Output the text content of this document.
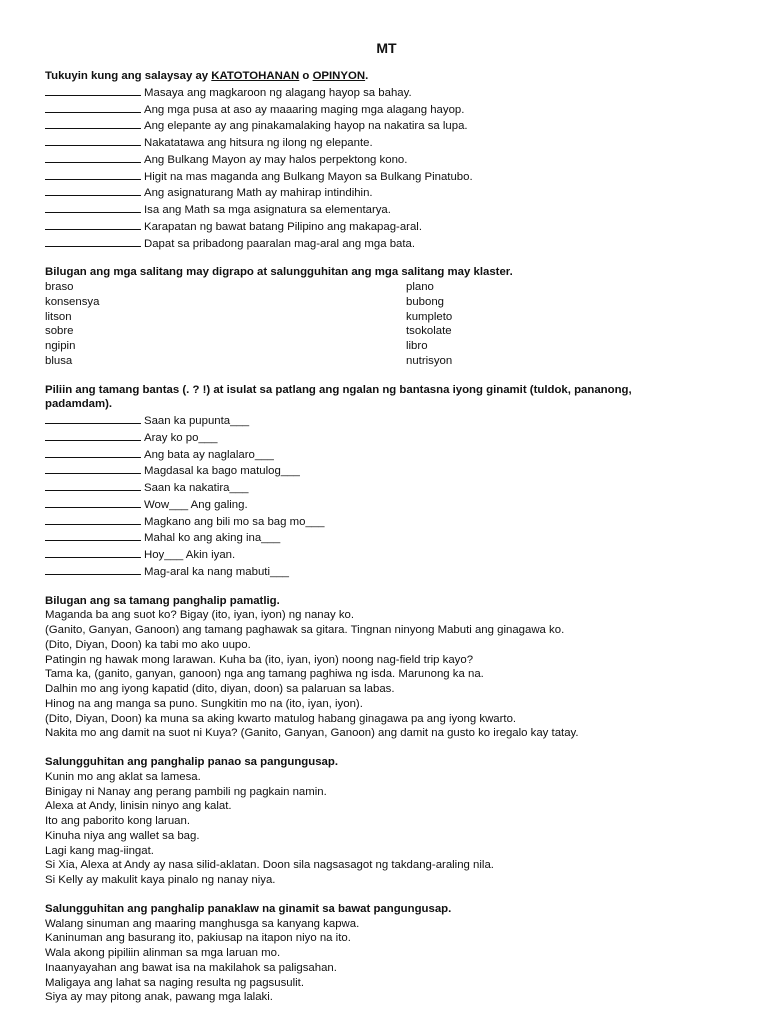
MT
Tukuyin kung ang salaysay ay KATOTOHANAN o OPINYON.
Masaya ang magkaroon ng alagang hayop sa bahay.
Ang mga pusa at aso ay maaaring maging mga alagang hayop.
Ang elepante ay ang pinakamalaking hayop na nakatira sa lupa.
Nakatatawa ang hitsura ng ilong ng elepante.
Ang Bulkang Mayon ay may halos perpektong kono.
Higit na mas maganda ang Bulkang Mayon sa Bulkang Pinatubo.
Ang asignaturang Math ay mahirap intindihin.
Isa ang Math sa mga asignatura sa elementarya.
Karapatan ng bawat batang Pilipino ang makapag-aral.
Dapat sa pribadong paaralan mag-aral ang mga bata.
Bilugan ang mga salitang may digrapo at salungguhitan ang mga salitang may klaster.
braso
konsensya
litson
sobre
ngipin
blusa
plano
bubong
kumpleto
tsokolate
libro
nutrisyon
Piliin ang tamang bantas (. ? !) at isulat sa patlang ang ngalan ng bantasna iyong ginamit (tuldok, pananong,
padamdam).
Saan ka pupunta___
Aray ko po___
Ang bata ay naglalaro___
Magdasal ka bago matulog___
Saan ka nakatira___
Wow___ Ang galing.
Magkano ang bili mo sa bag mo___
Mahal ko ang aking ina___
Hoy___ Akin iyan.
Mag-aral ka nang mabuti___
Bilugan ang sa tamang panghalip pamatlig.
Maganda ba ang suot ko? Bigay (ito, iyan, iyon) ng nanay ko.
(Ganito, Ganyan, Ganoon) ang tamang paghawak sa gitara. Tingnan ninyong Mabuti ang ginagawa ko.
(Dito, Diyan, Doon) ka tabi mo ako uupo.
Patingin ng hawak mong larawan. Kuha ba (ito, iyan, iyon) noong nag-field trip kayo?
Tama ka, (ganito, ganyan, ganoon) nga ang tamang paghiwa ng isda. Marunong ka na.
Dalhin mo ang iyong kapatid (dito, diyan, doon) sa palaruan sa labas.
Hinog na ang manga sa puno. Sungkitin mo na (ito, iyan, iyon).
(Dito, Diyan, Doon) ka muna sa aking kwarto matulog habang ginagawa pa ang iyong kwarto.
Nakita mo ang damit na suot ni Kuya? (Ganito, Ganyan, Ganoon) ang damit na gusto ko iregalo kay tatay.
Salungguhitan ang panghalip panao sa pangungusap.
Kunin mo ang aklat sa lamesa.
Binigay ni Nanay ang perang pambili ng pagkain namin.
Alexa at Andy, linisin ninyo ang kalat.
Ito ang paborito kong laruan.
Kinuha niya ang wallet sa bag.
Lagi kang mag-iingat.
Si Xia, Alexa at Andy ay nasa silid-aklatan. Doon sila nagsasagot ng takdang-araling nila.
Si Kelly ay makulit kaya pinalo ng nanay niya.
Salungguhitan ang panghalip panaklaw na ginamit sa bawat pangungusap.
Walang sinuman ang maaring manghusga sa kanyang kapwa.
Kaninuman ang basurang ito, pakiusap na itapon niyo na ito.
Wala akong pipiliin alinman sa mga laruan mo.
Inaanyayahan ang bawat isa na makilahok sa paligsahan.
Maligaya ang lahat sa naging resulta ng pagsusulit.
Siya ay may pitong anak, pawang mga lalaki.
